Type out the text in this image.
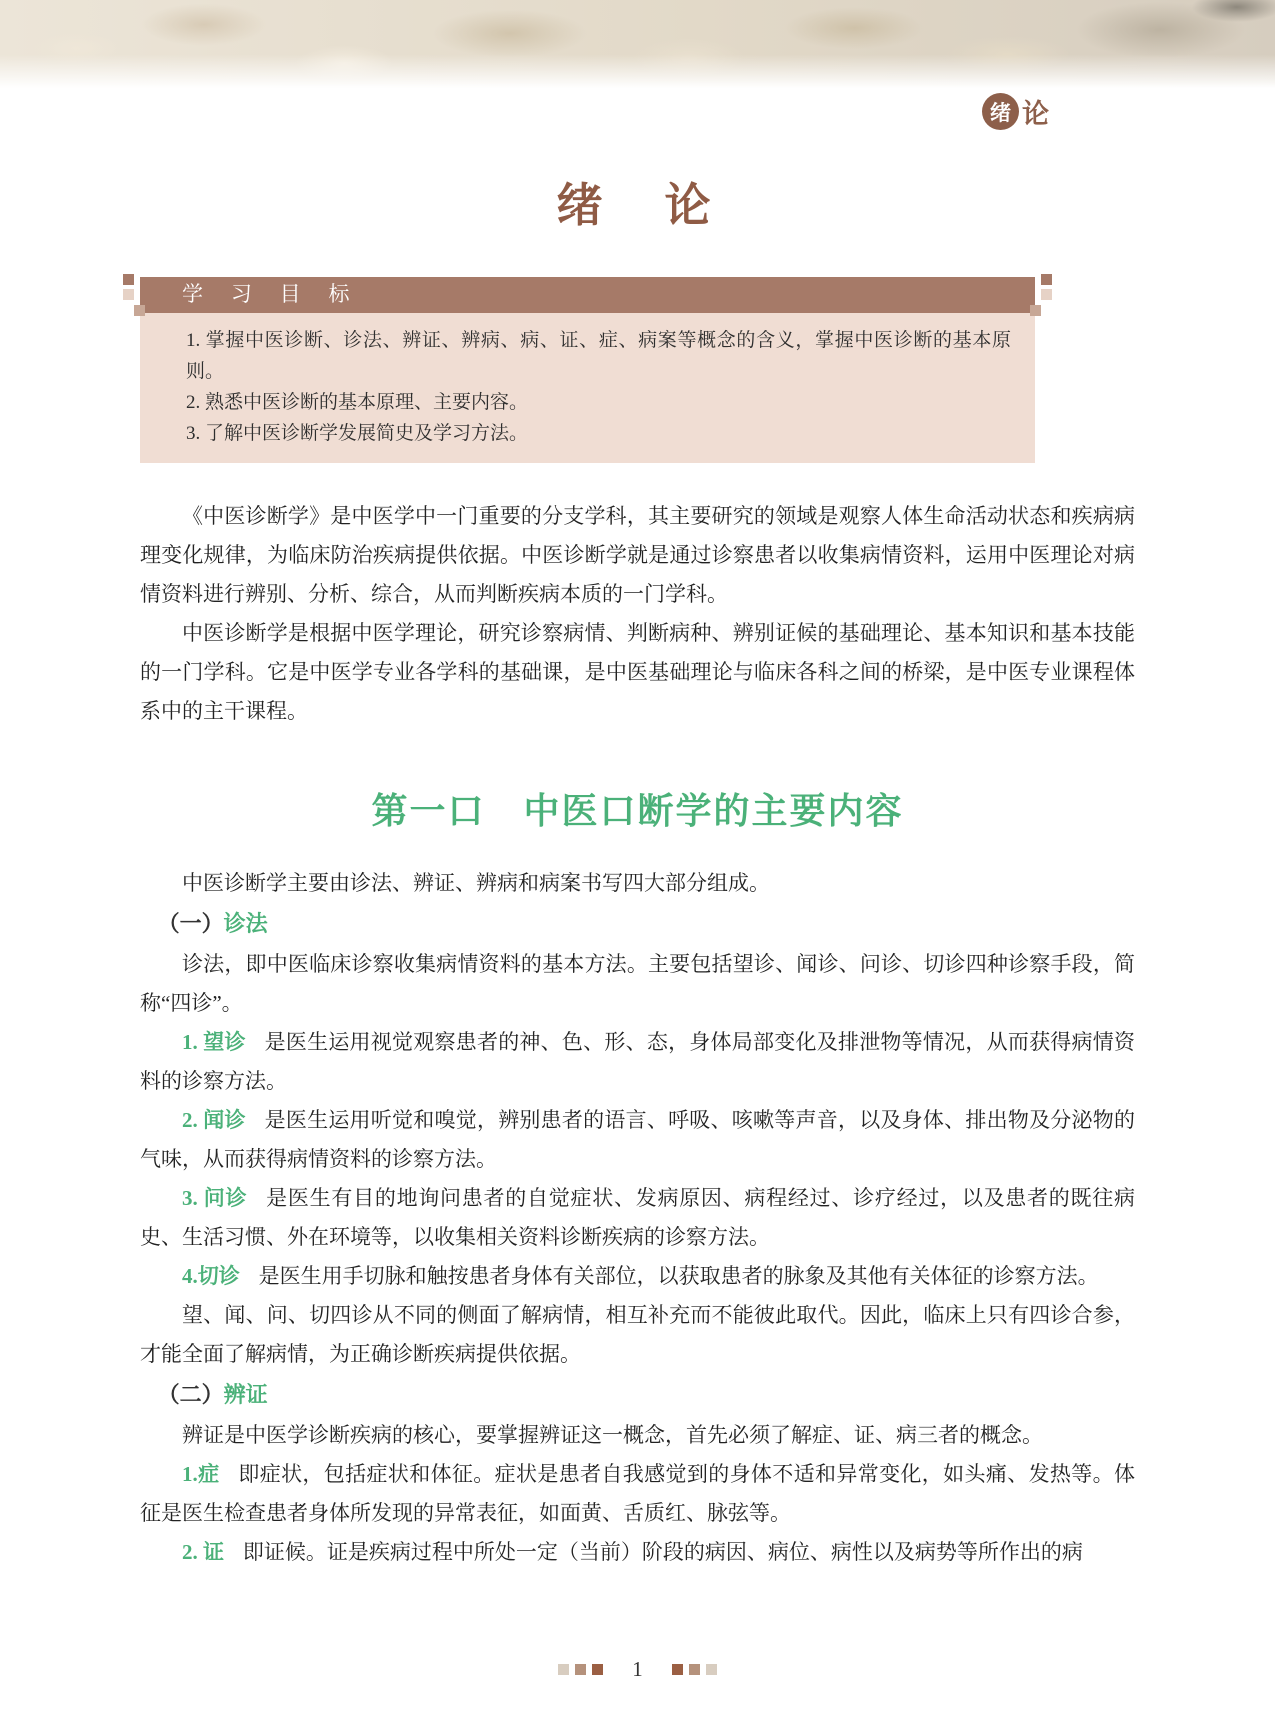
绪 论
绪　论
学 习 目 标

1. 掌握中医诊断、诊法、辨证、辨病、病、证、症、病案等概念的含义，掌握中医诊断的基本原则。

2. 熟悉中医诊断的基本原理、主要内容。

3. 了解中医诊断学发展简史及学习方法。

《中医诊断学》是中医学中一门重要的分支学科，其主要研究的领域是观察人体生命活动状态和疾病病理变化规律，为临床防治疾病提供依据。中医诊断学就是通过诊察患者以收集病情资料，运用中医理论对病情资料进行辨别、分析、综合，从而判断疾病本质的一门学科。

中医诊断学是根据中医学理论，研究诊察病情、判断病种、辨别证候的基础理论、基本知识和基本技能的一门学科。它是中医学专业各学科的基础课，是中医基础理论与临床各科之间的桥梁，是中医专业课程体系中的主干课程。

第一口　中医口断学的主要内容

中医诊断学主要由诊法、辨证、辨病和病案书写四大部分组成。

（一）诊法

诊法，即中医临床诊察收集病情资料的基本方法。主要包括望诊、闻诊、问诊、切诊四种诊察手段，简称“四诊”。

1. 望诊 是医生运用视觉观察患者的神、色、形、态，身体局部变化及排泄物等情况，从而获得病情资料的诊察方法。

2. 闻诊 是医生运用听觉和嗅觉，辨别患者的语言、呼吸、咳嗽等声音，以及身体、排出物及分泌物的气味，从而获得病情资料的诊察方法。

3. 问诊 是医生有目的地询问患者的自觉症状、发病原因、病程经过、诊疗经过，以及患者的既往病史、生活习惯、外在环境等，以收集相关资料诊断疾病的诊察方法。

4.切诊 是医生用手切脉和触按患者身体有关部位，以获取患者的脉象及其他有关体征的诊察方法。

望、闻、问、切四诊从不同的侧面了解病情，相互补充而不能彼此取代。因此，临床上只有四诊合参，才能全面了解病情，为正确诊断疾病提供依据。

（二）辨证

辨证是中医学诊断疾病的核心，要掌握辨证这一概念，首先必须了解症、证、病三者的概念。

1.症 即症状，包括症状和体征。症状是患者自我感觉到的身体不适和异常变化，如头痛、发热等。体征是医生检查患者身体所发现的异常表征，如面黄、舌质红、脉弦等。

2. 证 即证候。证是疾病过程中所处一定（当前）阶段的病因、病位、病性以及病势等所作出的病

1
